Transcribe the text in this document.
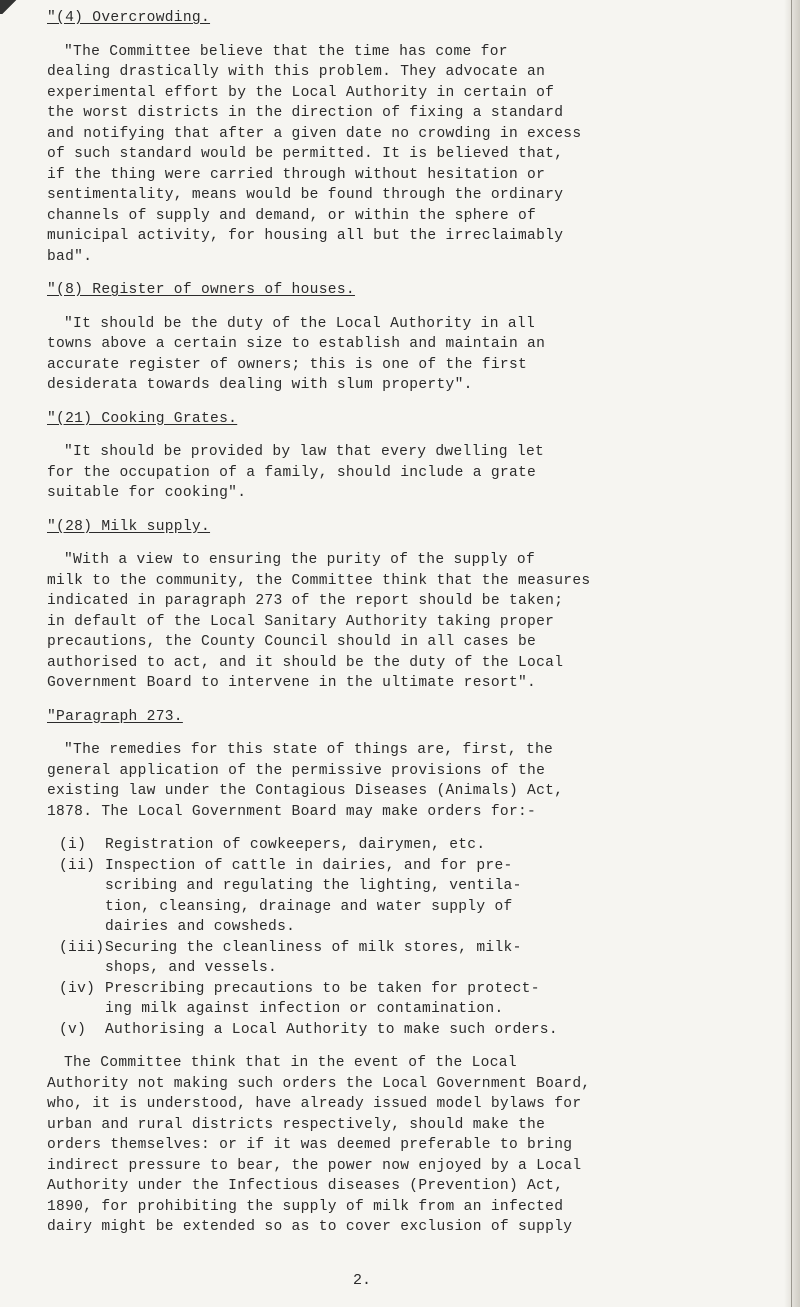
"(4) Overcrowding.
"The Committee believe that the time has come for
dealing drastically with this problem. They advocate an
experimental effort by the Local Authority in certain of
the worst districts in the direction of fixing a standard
and notifying that after a given date no crowding in excess
of such standard would be permitted. It is believed that,
if the thing were carried through without hesitation or
sentimentality, means would be found through the ordinary
channels of supply and demand, or within the sphere of
municipal activity, for housing all but the irreclaimably
bad".
"(8) Register of owners of houses.
"It should be the duty of the Local Authority in all
towns above a certain size to establish and maintain an
accurate register of owners; this is one of the first
desiderata towards dealing with slum property".
"(21) Cooking Grates.
"It should be provided by law that every dwelling let
for the occupation of a family, should include a grate
suitable for cooking".
"(28) Milk supply.
"With a view to ensuring the purity of the supply of
milk to the community, the Committee think that the measures
indicated in paragraph 273 of the report should be taken;
in default of the Local Sanitary Authority taking proper
precautions, the County Council should in all cases be
authorised to act, and it should be the duty of the Local
Government Board to intervene in the ultimate resort".
"Paragraph 273.
"The remedies for this state of things are, first, the
general application of the permissive provisions of the
existing law under the Contagious Diseases (Animals) Act,
1878. The Local Government Board may make orders for:-
(i)	Registration of cowkeepers, dairymen, etc.
(ii) Inspection of cattle in dairies, and for pre-
scribing and regulating the lighting, ventila-
tion, cleansing, drainage and water supply of
dairies and cowsheds.
(iii) Securing the cleanliness of milk stores, milk-
shops, and vessels.
(iv) Prescribing precautions to be taken for protect-
ing milk against infection or contamination.
(v)	Authorising a Local Authority to make such orders.
The Committee think that in the event of the Local
Authority not making such orders the Local Government Board,
who, it is understood, have already issued model bylaws for
urban and rural districts respectively, should make the
orders themselves: or if it was deemed preferable to bring
indirect pressure to bear, the power now enjoyed by a Local
Authority under the Infectious diseases (Prevention) Act,
1890, for prohibiting the supply of milk from an infected
dairy might be extended so as to cover exclusion of supply
2.
